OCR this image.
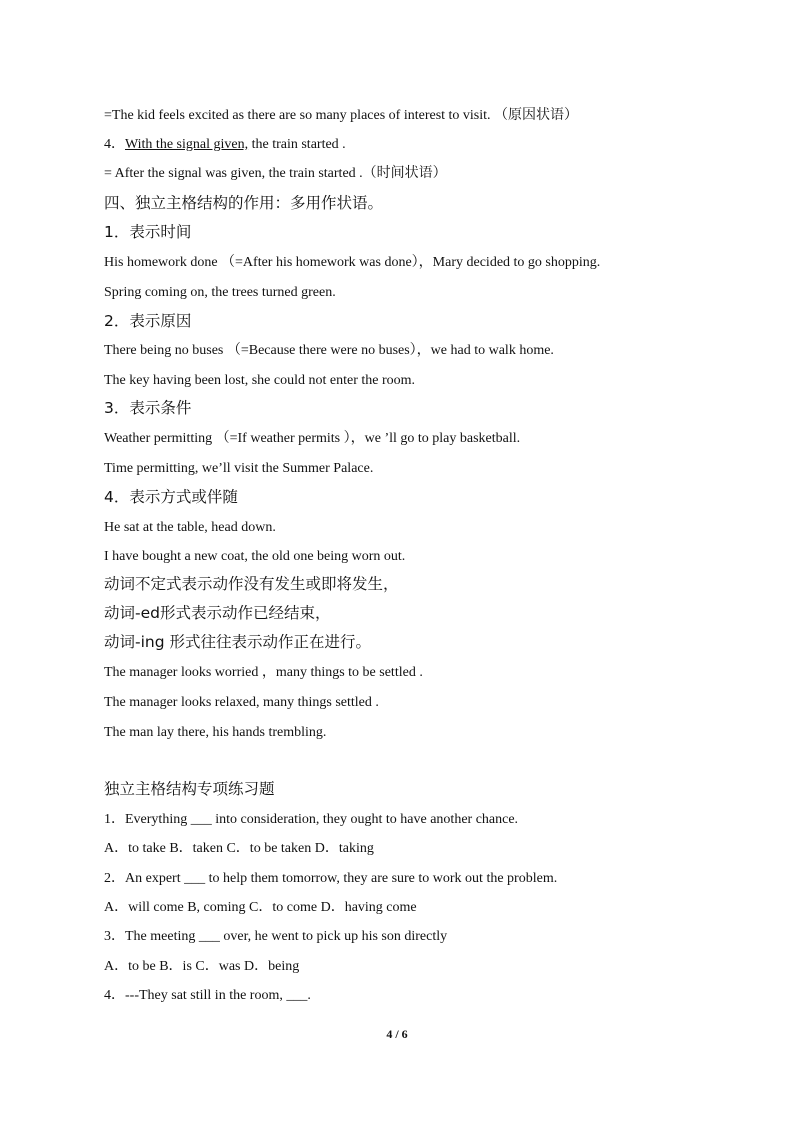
=The kid feels excited as there are so many places of interest to visit. （原因状语）
4．With the signal given, the train started .
= After the signal was given, the train started .（时间状语）
四、独立主格结构的作用：多用作状语。
1．表示时间
His homework done （=After his homework was done），Mary decided to go shopping.
Spring coming on, the trees turned green.
2．表示原因
There being no buses （=Because there were no buses），we had to walk home.
The key having been lost, she could not enter the room.
3．表示条件
Weather permitting （=If weather permits ），we ’ll go to play basketball.
Time permitting, we’ll visit the Summer Palace.
4．表示方式或伴随
He sat at the table, head down.
I have bought a new coat, the old one being worn out.
动词不定式表示动作没有发生或即将发生，
动词-ed形式表示动作已经结束，
动词-ing 形式往往表示动作正在进行。
The manager looks worried ，many things to be settled .
The manager looks relaxed, many things settled .
The man lay there, his hands trembling.
独立主格结构专项练习题
1．Everything ___ into consideration, they ought to have another chance.
A．to take B．taken C．to be taken D．taking
2．An expert ___ to help them tomorrow, they are sure to work out the problem.
A．will come B, coming C．to come D．having come
3．The meeting ___ over, he went to pick up his son directly
A．to be B．is C．was D．being
4．---They sat still in the room, ___.
4 / 6
